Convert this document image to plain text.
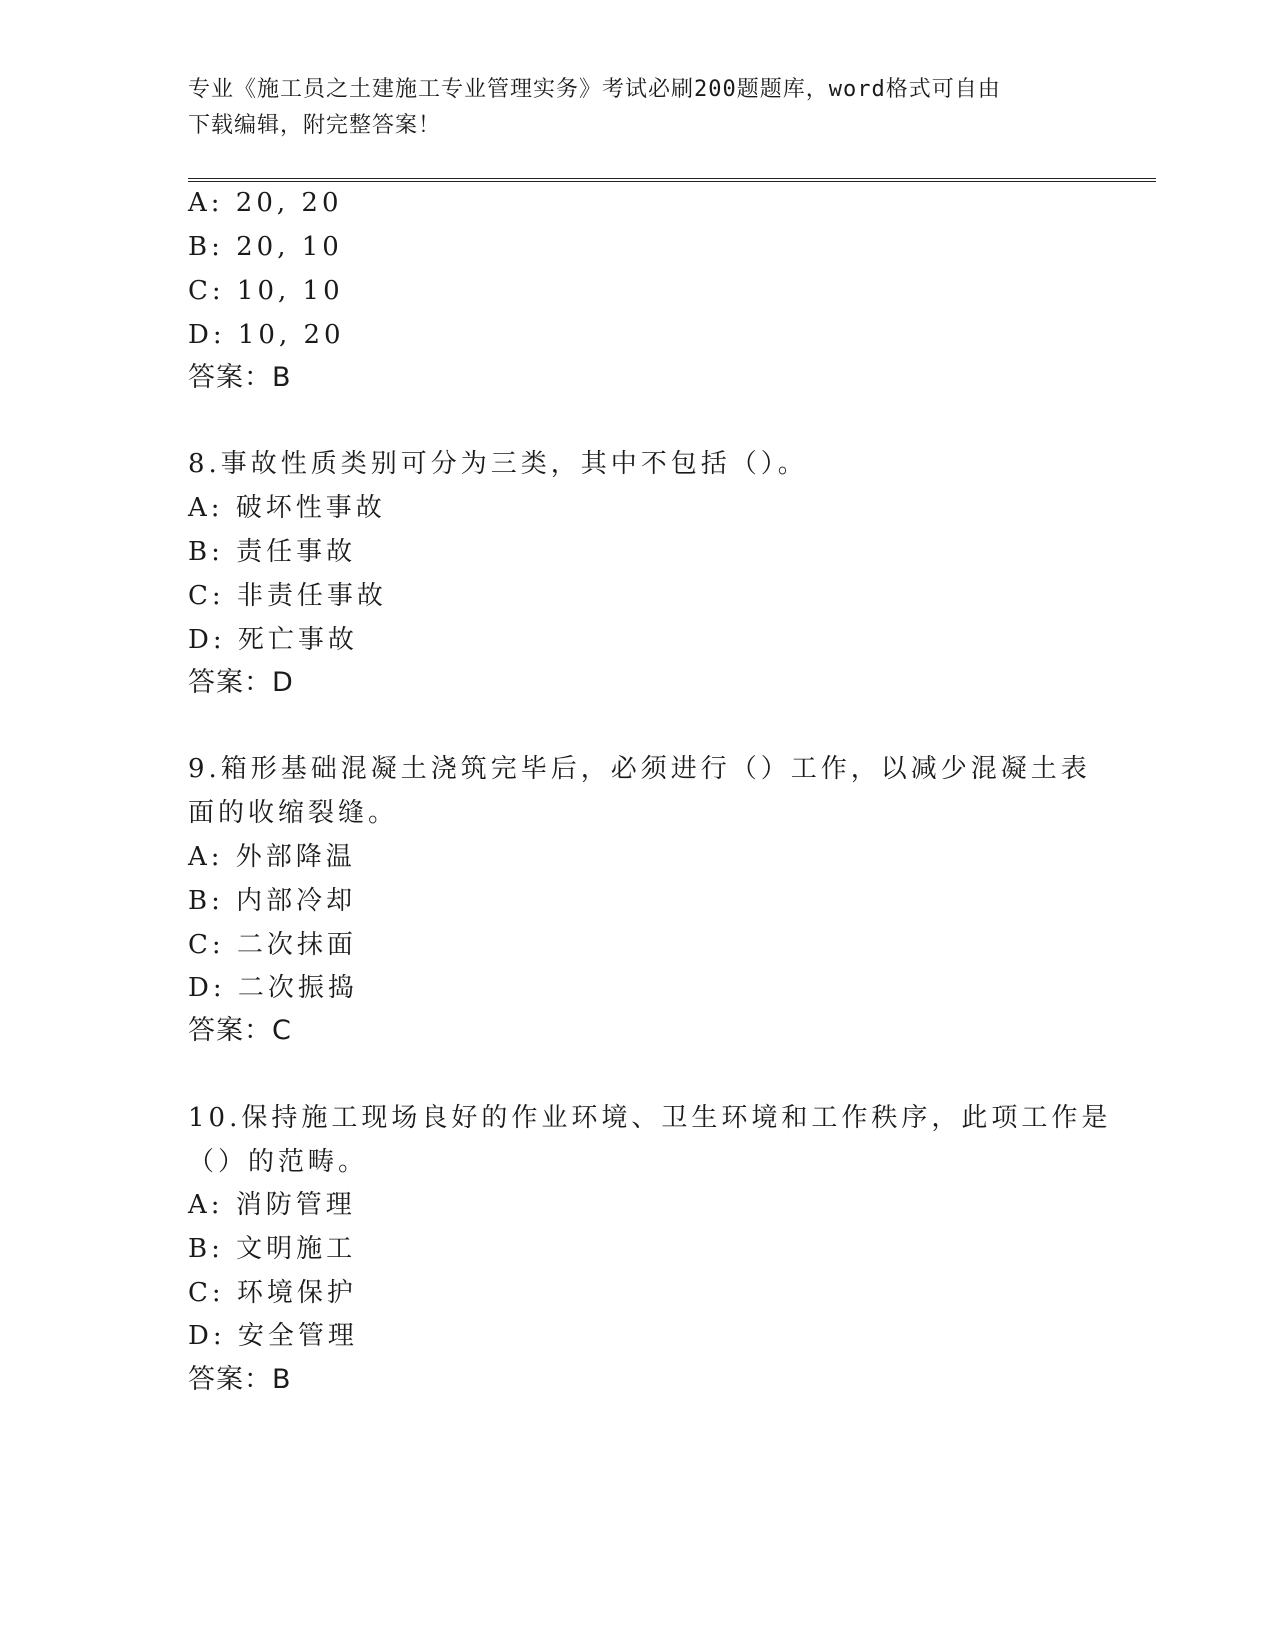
专业《施工员之土建施工专业管理实务》考试必刷200题题库，word格式可自由
下载编辑，附完整答案！
A: 20, 20
B: 20, 10
C: 10, 10
D: 10, 20
答案：B
8.事故性质类别可分为三类，其中不包括（）。
A: 破坏性事故
B: 责任事故
C: 非责任事故
D: 死亡事故
答案：D
9.箱形基础混凝土浇筑完毕后，必须进行（）工作，以减少混凝土表
面的收缩裂缝。
A: 外部降温
B: 内部冷却
C: 二次抹面
D: 二次振捣
答案：C
10.保持施工现场良好的作业环境、卫生环境和工作秩序，此项工作是
（）的范畴。
A: 消防管理
B: 文明施工
C: 环境保护
D: 安全管理
答案：B
